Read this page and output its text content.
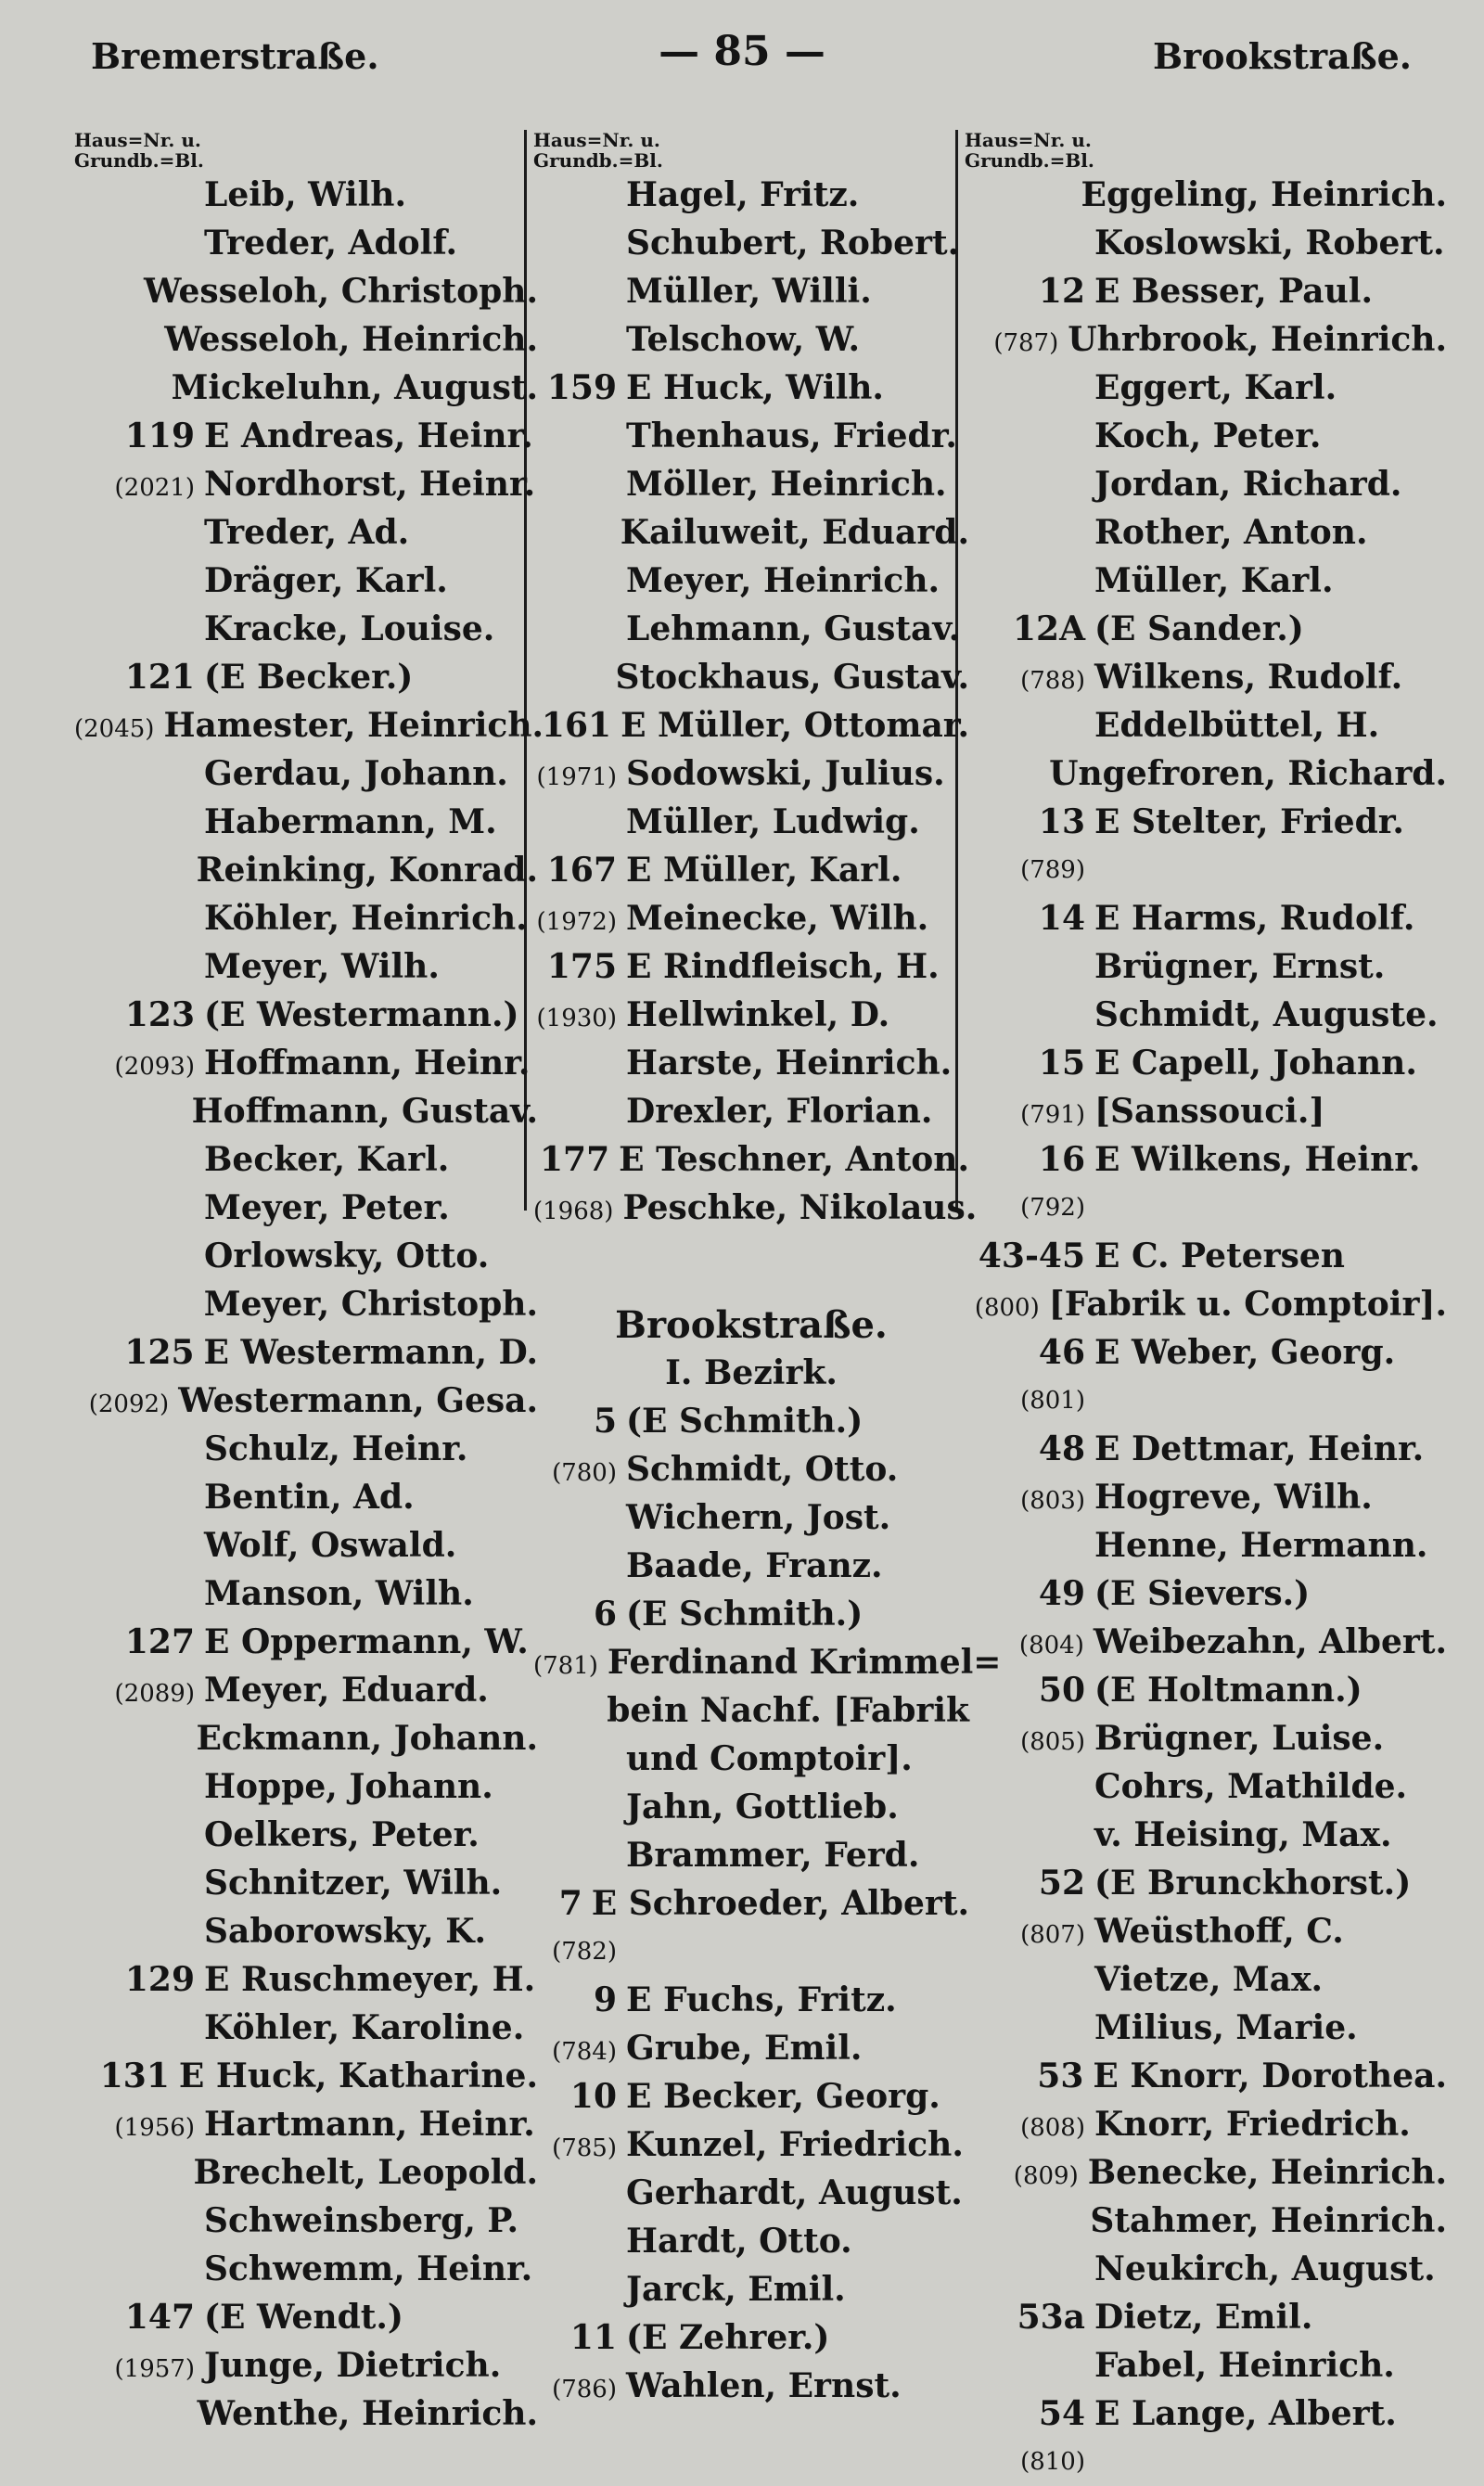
— 85 —
Bremerstraße.	Brookstraße.
Haus=Nr. u.
Grundb.=Bl.
Leib, Wilh.
Treder, Adolf.
Wesseloh, Christoph.
Wesseloh, Heinrich.
Mickeluhn, August.
119 E Andreas, Heinr.
(2021) Nordhorst, Heinr.
Treder, Ad.
Dräger, Karl.
Kracke, Louise.
121 (E Becker.)
(2045) Hamester, Heinrich.
Gerdau, Johann.
Habermann, M.
Reinking, Konrad.
Köhler, Heinrich.
Meyer, Wilh.
123 (E Westermann.)
(2093) Hoffmann, Heinr.
Hoffmann, Gustav.
Becker, Karl.
Meyer, Peter.
Orlowsky, Otto.
Meyer, Christoph.
125 E Westermann, D.
(2092) Westermann, Gesa.
Schulz, Heinr.
Bentin, Ad.
Wolf, Oswald.
Manson, Wilh.
127 E Oppermann, W.
(2089) Meyer, Eduard.
Eckmann, Johann.
Hoppe, Johann.
Oelkers, Peter.
Schnitzer, Wilh.
Saborowsky, K.
129 E Ruschmeyer, H.
Köhler, Karoline.
131 E Huck, Katharine.
(1956) Hartmann, Heinr.
Brechelt, Leopold.
Schweinsberg, P.
Schwemm, Heinr.
147 (E Wendt.)
(1957) Junge, Dietrich.
Wenthe, Heinrich.
Haus=Nr. u.
Grundb.=Bl.
Hagel, Fritz.
Schubert, Robert.
Müller, Willi.
Telschow, W.
159 E Huck, Wilh.
Thenhaus, Friedr.
Möller, Heinrich.
Kailuweit, Eduard.
Meyer, Heinrich.
Lehmann, Gustav.
Stockhaus, Gustav.
161 E Müller, Ottomar.
(1971) Sodowski, Julius.
Müller, Ludwig.
167 E Müller, Karl.
(1972) Meinecke, Wilh.
175 E Rindfleisch, H.
(1930) Hellwinkel, D.
Harste, Heinrich.
Drexler, Florian.
177 E Teschner, Anton.
(1968) Peschke, Nikolaus.
Brookstraße.
I. Bezirk.
5 (E Schmith.)
(780) Schmidt, Otto.
Wichern, Jost.
Baade, Franz.
6 (E Schmith.)
(781) Ferdinand Krimmel=
bein Nachf. [Fabrik
und Comptoir].
Jahn, Gottlieb.
Brammer, Ferd.
7 E Schroeder, Albert.
(782)
9 E Fuchs, Fritz.
(784) Grube, Emil.
10 E Becker, Georg.
(785) Kunzel, Friedrich.
Gerhardt, August.
Hardt, Otto.
Jarck, Emil.
11 (E Zehrer.)
(786) Wahlen, Ernst.
Haus=Nr. u.
Grundb.=Bl.
Eggeling, Heinrich.
Koslowski, Robert.
12 E Besser, Paul.
(787) Uhrbrook, Heinrich.
Eggert, Karl.
Koch, Peter.
Jordan, Richard.
Rother, Anton.
Müller, Karl.
12A (E Sander.)
(788) Wilkens, Rudolf.
Eddelbüttel, H.
Ungefroren, Richard.
13 E Stelter, Friedr.
(789)
14 E Harms, Rudolf.
Brügner, Ernst.
Schmidt, Auguste.
15 E Capell, Johann.
(791) [Sanssouci.]
16 E Wilkens, Heinr.
(792)
43-45 E C. Petersen
(800) [Fabrik u. Comptoir].
46 E Weber, Georg.
(801)
48 E Dettmar, Heinr.
(803) Hogreve, Wilh.
Henne, Hermann.
49 (E Sievers.)
(804) Weibezahn, Albert.
50 (E Holtmann.)
(805) Brügner, Luise.
Cohrs, Mathilde.
v. Heising, Max.
52 (E Brunckhorst.)
(807) Weüsthoff, C.
Vietze, Max.
Milius, Marie.
53 E Knorr, Dorothea.
(808) Knorr, Friedrich.
(809) Benecke, Heinrich.
Stahmer, Heinrich.
Neukirch, August.
53a Dietz, Emil.
Fabel, Heinrich.
54 E Lange, Albert.
(810)
